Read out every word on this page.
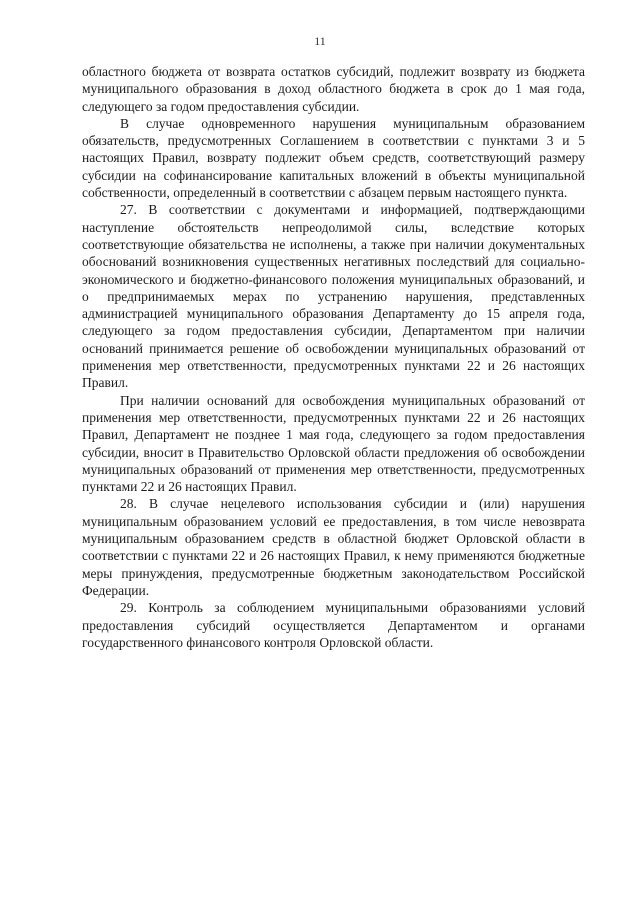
11

областного бюджета от возврата остатков субсидий, подлежит возврату из бюджета муниципального образования в доход областного бюджета в срок до 1 мая года, следующего за годом предоставления субсидии.

В случае одновременного нарушения муниципальным образованием обязательств, предусмотренных Соглашением в соответствии с пунктами 3 и 5 настоящих Правил, возврату подлежит объем средств, соответствующий размеру субсидии на софинансирование капитальных вложений в объекты муниципальной собственности, определенный в соответствии с абзацем первым настоящего пункта.

27. В соответствии с документами и информацией, подтверждающими наступление обстоятельств непреодолимой силы, вследствие которых соответствующие обязательства не исполнены, а также при наличии документальных обоснований возникновения существенных негативных последствий для социально-экономического и бюджетно-финансового положения муниципальных образований, и о предпринимаемых мерах по устранению нарушения, представленных администрацией муниципального образования Департаменту до 15 апреля года, следующего за годом предоставления субсидии, Департаментом при наличии оснований принимается решение об освобождении муниципальных образований от применения мер ответственности, предусмотренных пунктами 22 и 26 настоящих Правил.

При наличии оснований для освобождения муниципальных образований от применения мер ответственности, предусмотренных пунктами 22 и 26 настоящих Правил, Департамент не позднее 1 мая года, следующего за годом предоставления субсидии, вносит в Правительство Орловской области предложения об освобождении муниципальных образований от применения мер ответственности, предусмотренных пунктами 22 и 26 настоящих Правил.

28. В случае нецелевого использования субсидии и (или) нарушения муниципальным образованием условий ее предоставления, в том числе невозврата муниципальным образованием средств в областной бюджет Орловской области в соответствии с пунктами 22 и 26 настоящих Правил, к нему применяются бюджетные меры принуждения, предусмотренные бюджетным законодательством Российской Федерации.

29. Контроль за соблюдением муниципальными образованиями условий предоставления субсидий осуществляется Департаментом и органами государственного финансового контроля Орловской области.
